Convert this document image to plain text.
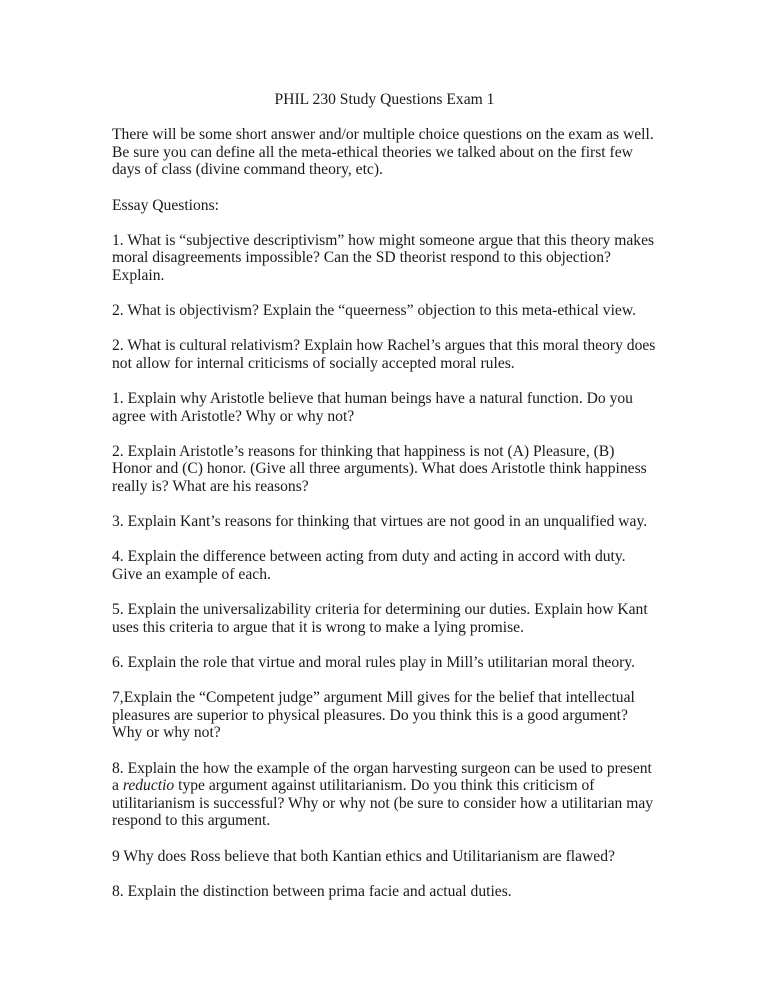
PHIL 230 Study Questions Exam 1

There will be some short answer and/or multiple choice questions on the exam as well. Be sure you can define all the meta-ethical theories we talked about on the first few days of class (divine command theory, etc).

Essay Questions:

1. What is “subjective descriptivism” how might someone argue that this theory makes moral disagreements impossible? Can the SD theorist respond to this objection? Explain.
2. What is objectivism? Explain the “queerness” objection to this meta-ethical view.
2. What is cultural relativism? Explain how Rachel’s argues that this moral theory does not allow for internal criticisms of socially accepted moral rules.
1. Explain why Aristotle believe that human beings have a natural function. Do you agree with Aristotle? Why or why not?
2. Explain Aristotle’s reasons for thinking that happiness is not (A) Pleasure, (B) Honor and (C) honor. (Give all three arguments). What does Aristotle think happiness really is? What are his reasons?
3. Explain Kant’s reasons for thinking that virtues are not good in an unqualified way.
4. Explain the difference between acting from duty and acting in accord with duty. Give an example of each.
5. Explain the universalizability criteria for determining our duties. Explain how Kant uses this criteria to argue that it is wrong to make a lying promise.
6. Explain the role that virtue and moral rules play in Mill’s utilitarian moral theory.
7,Explain the “Competent judge” argument Mill gives for the belief that intellectual pleasures are superior to physical pleasures. Do you think this is a good argument? Why or why not?
8. Explain the how the example of the organ harvesting surgeon can be used to present a reductio type argument against utilitarianism. Do you think this criticism of utilitarianism is successful? Why or why not (be sure to consider how a utilitarian may respond to this argument.
9 Why does Ross believe that both Kantian ethics and Utilitarianism are flawed?
8. Explain the distinction between prima facie and actual duties.
